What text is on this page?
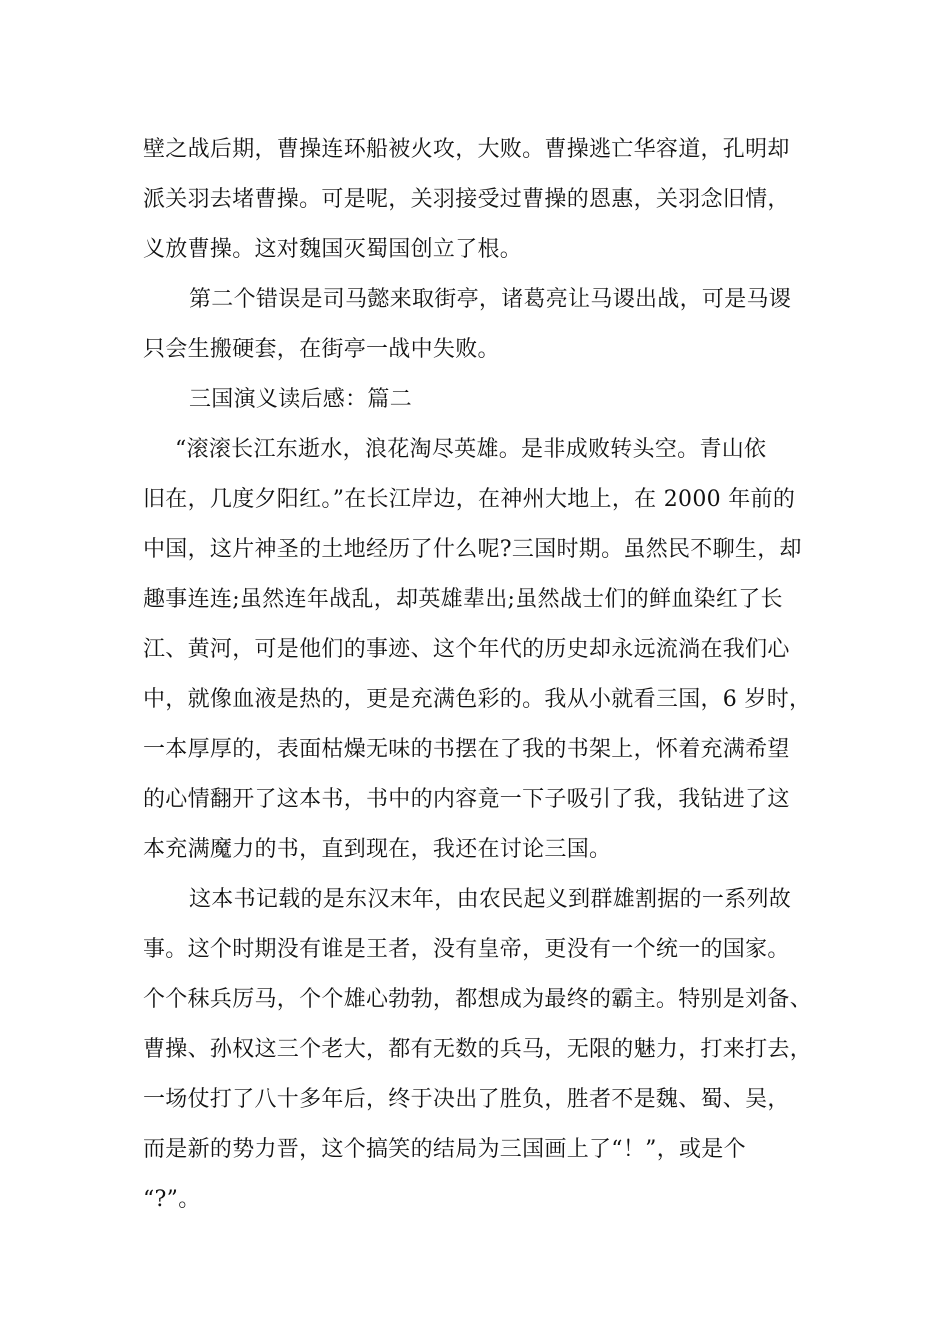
壁之战后期，曹操连环船被火攻，大败。曹操逃亡华容道，孔明却
派关羽去堵曹操。可是呢，关羽接受过曹操的恩惠，关羽念旧情，
义放曹操。这对魏国灭蜀国创立了根。
第二个错误是司马懿来取街亭，诸葛亮让马谡出战，可是马谡
只会生搬硬套，在街亭一战中失败。
三国演义读后感：篇二
“滚滚长江东逝水，浪花淘尽英雄。是非成败转头空。青山依
旧在，几度夕阳红。”在长江岸边，在神州大地上，在 2000 年前的
中国，这片神圣的土地经历了什么呢?三国时期。虽然民不聊生，却
趣事连连;虽然连年战乱，却英雄辈出;虽然战士们的鲜血染红了长
江、黄河，可是他们的事迹、这个年代的历史却永远流淌在我们心
中，就像血液是热的，更是充满色彩的。我从小就看三国，6 岁时，
一本厚厚的，表面枯燥无味的书摆在了我的书架上，怀着充满希望
的心情翻开了这本书，书中的内容竟一下子吸引了我，我钻进了这
本充满魔力的书，直到现在，我还在讨论三国。
这本书记载的是东汉末年，由农民起义到群雄割据的一系列故
事。这个时期没有谁是王者，没有皇帝，更没有一个统一的国家。
个个秣兵厉马，个个雄心勃勃，都想成为最终的霸主。特别是刘备、
曹操、孙权这三个老大，都有无数的兵马，无限的魅力，打来打去，
一场仗打了八十多年后，终于决出了胜负，胜者不是魏、蜀、吴，
而是新的势力晋，这个搞笑的结局为三国画上了“！”，或是个
“?”。
